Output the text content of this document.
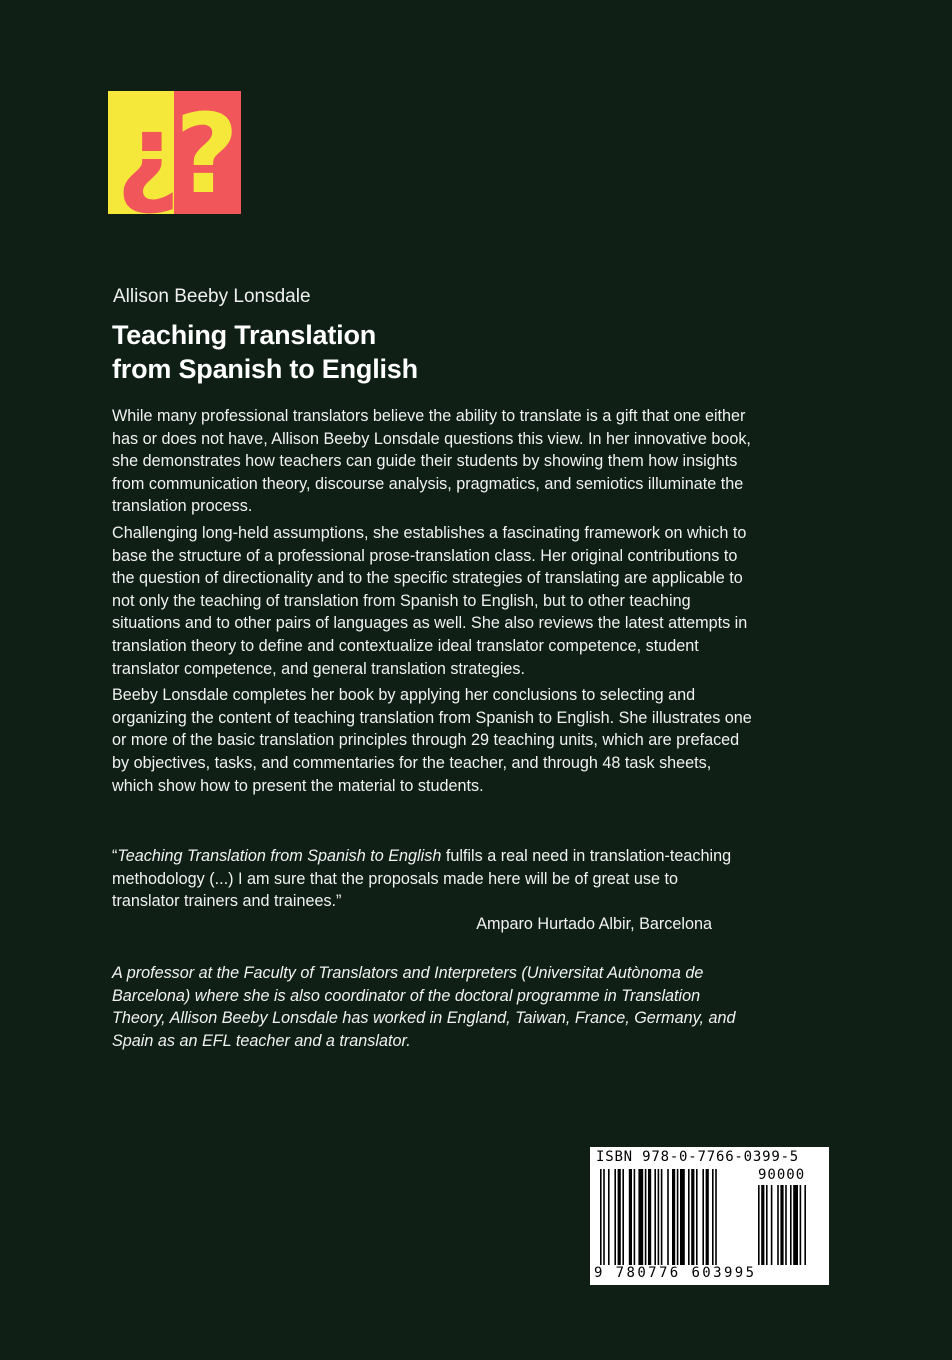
¿
?
Allison Beeby Lonsdale
Teaching Translation
from Spanish to English

While many professional translators believe the ability to translate is a gift that one either has or does not have, Allison Beeby Lonsdale questions this view. In her innovative book, she demonstrates how teachers can guide their students by showing them how insights from communication theory, discourse analysis, pragmatics, and semiotics illuminate the translation process.

Challenging long-held assumptions, she establishes a fascinating framework on which to base the structure of a professional prose-translation class. Her original contributions to the question of directionality and to the specific strategies of translating are applicable to not only the teaching of translation from Spanish to English, but to other teaching situations and to other pairs of languages as well. She also reviews the latest attempts in translation theory to define and contextualize ideal translator competence, student translator competence, and general translation strategies.

Beeby Lonsdale completes her book by applying her conclusions to selecting and organizing the content of teaching translation from Spanish to English. She illustrates one or more of the basic translation principles through 29 teaching units, which are prefaced by objectives, tasks, and commentaries for the teacher, and through 48 task sheets, which show how to present the material to students.

“Teaching Translation from Spanish to English fulfils a real need in translation-teaching methodology (...) I am sure that the proposals made here will be of great use to translator trainers and trainees.”
Amparo Hurtado Albir, Barcelona
A professor at the Faculty of Translators and Interpreters (Universitat Autònoma de Barcelona) where she is also coordinator of the doctoral programme in Translation Theory, Allison Beeby Lonsdale has worked in England, Taiwan, France, Germany, and Spain as an EFL teacher and a translator.
ISBN 978-0-7766-0399-5
90000
9 780776 603995
